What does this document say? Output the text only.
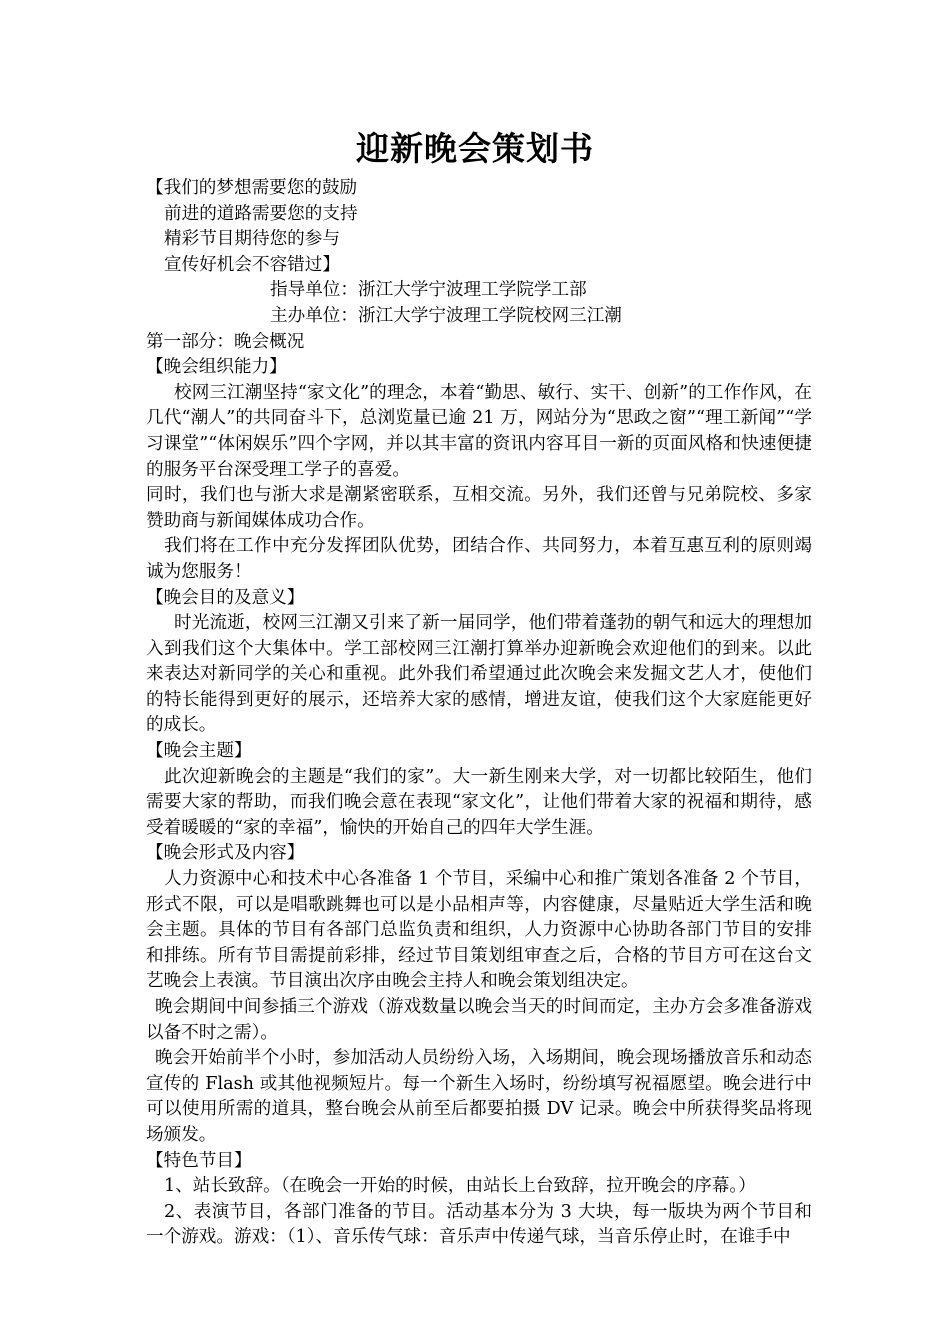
迎新晚会策划书

【我们的梦想需要您的鼓励

前进的道路需要您的支持

精彩节目期待您的参与

宣传好机会不容错过】

指导单位：浙江大学宁波理工学院学工部

主办单位：浙江大学宁波理工学院校网三江潮

第一部分：晚会概况

【晚会组织能力】

校网三江潮坚持“家文化”的理念，本着“勤思、敏行、实干、创新”的工作作风，在几代“潮人”的共同奋斗下，总浏览量已逾 21 万，网站分为“思政之窗”“理工新闻”“学习课堂”“体闲娱乐”四个字网，并以其丰富的资讯内容耳目一新的页面风格和快速便捷的服务平台深受理工学子的喜爱。

同时，我们也与浙大求是潮紧密联系，互相交流。另外，我们还曾与兄弟院校、多家赞助商与新闻媒体成功合作。

我们将在工作中充分发挥团队优势，团结合作、共同努力，本着互惠互利的原则竭诚为您服务！

【晚会目的及意义】

时光流逝，校网三江潮又引来了新一届同学，他们带着蓬勃的朝气和远大的理想加入到我们这个大集体中。学工部校网三江潮打算举办迎新晚会欢迎他们的到来。以此来表达对新同学的关心和重视。此外我们希望通过此次晚会来发掘文艺人才，使他们的特长能得到更好的展示，还培养大家的感情，增进友谊，使我们这个大家庭能更好的成长。

【晚会主题】

此次迎新晚会的主题是“我们的家”。大一新生刚来大学，对一切都比较陌生，他们需要大家的帮助，而我们晚会意在表现“家文化”，让他们带着大家的祝福和期待，感受着暖暖的“家的幸福”，愉快的开始自己的四年大学生涯。

【晚会形式及内容】

人力资源中心和技术中心各准备 1 个节目，采编中心和推广策划各准备 2 个节目，形式不限，可以是唱歌跳舞也可以是小品相声等，内容健康，尽量贴近大学生活和晚会主题。具体的节目有各部门总监负责和组织，人力资源中心协助各部门节目的安排和排练。所有节目需提前彩排，经过节目策划组审查之后，合格的节目方可在这台文艺晚会上表演。节目演出次序由晚会主持人和晚会策划组决定。

晚会期间中间参插三个游戏（游戏数量以晚会当天的时间而定，主办方会多准备游戏以备不时之需）。

晚会开始前半个小时，参加活动人员纷纷入场，入场期间，晚会现场播放音乐和动态宣传的 Flash 或其他视频短片。每一个新生入场时，纷纷填写祝福愿望。晚会进行中可以使用所需的道具，整台晚会从前至后都要拍摄 DV 记录。晚会中所获得奖品将现场颁发。

【特色节目】

1、站长致辞。（在晚会一开始的时候，由站长上台致辞，拉开晚会的序幕。）

2、表演节目，各部门准备的节目。活动基本分为 3 大块，每一版块为两个节目和一个游戏。游戏：（1）、音乐传气球：音乐声中传递气球，当音乐停止时，在谁手中
